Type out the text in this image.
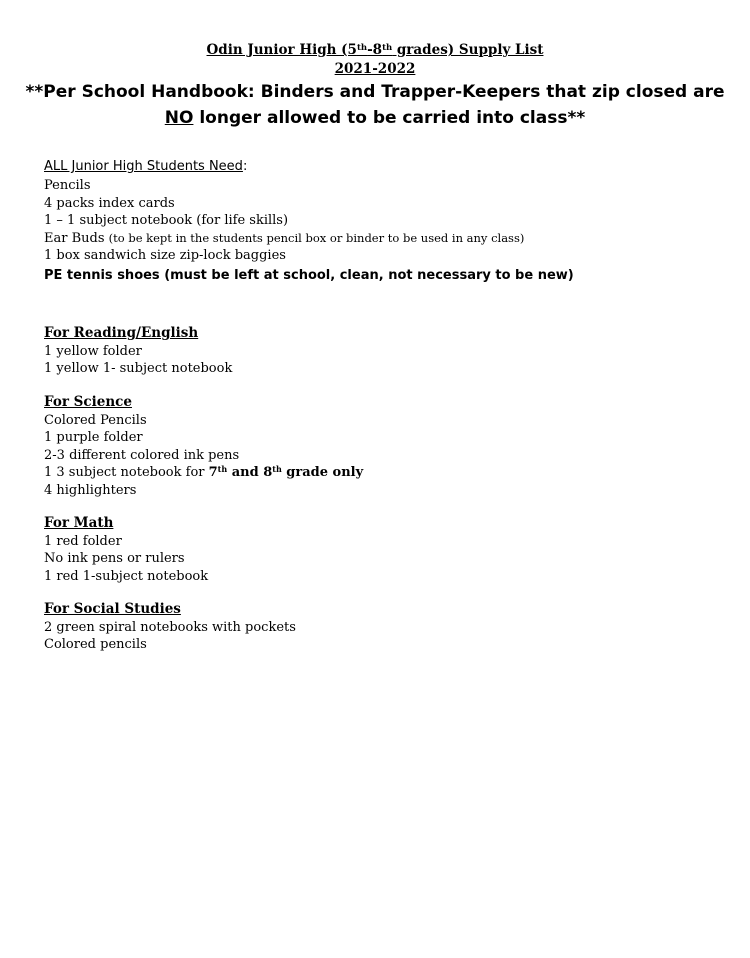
Odin Junior High (5th-8th grades) Supply List
2021-2022
**Per School Handbook: Binders and Trapper-Keepers that zip closed are
NO longer allowed to be carried into class**
ALL Junior High Students Need:
Pencils
4 packs index cards
1 – 1 subject notebook (for life skills)
Ear Buds (to be kept in the students pencil box or binder to be used in any class)
1 box sandwich size zip-lock baggies
PE tennis shoes (must be left at school, clean, not necessary to be new)
For Reading/English
1 yellow folder
1 yellow 1- subject notebook
For Science
Colored Pencils
1 purple folder
2-3 different colored ink pens
1 3 subject notebook for 7th and 8th grade only
4 highlighters
For Math
1 red folder
No ink pens or rulers
1 red 1-subject notebook
For Social Studies
2 green spiral notebooks with pockets
Colored pencils
